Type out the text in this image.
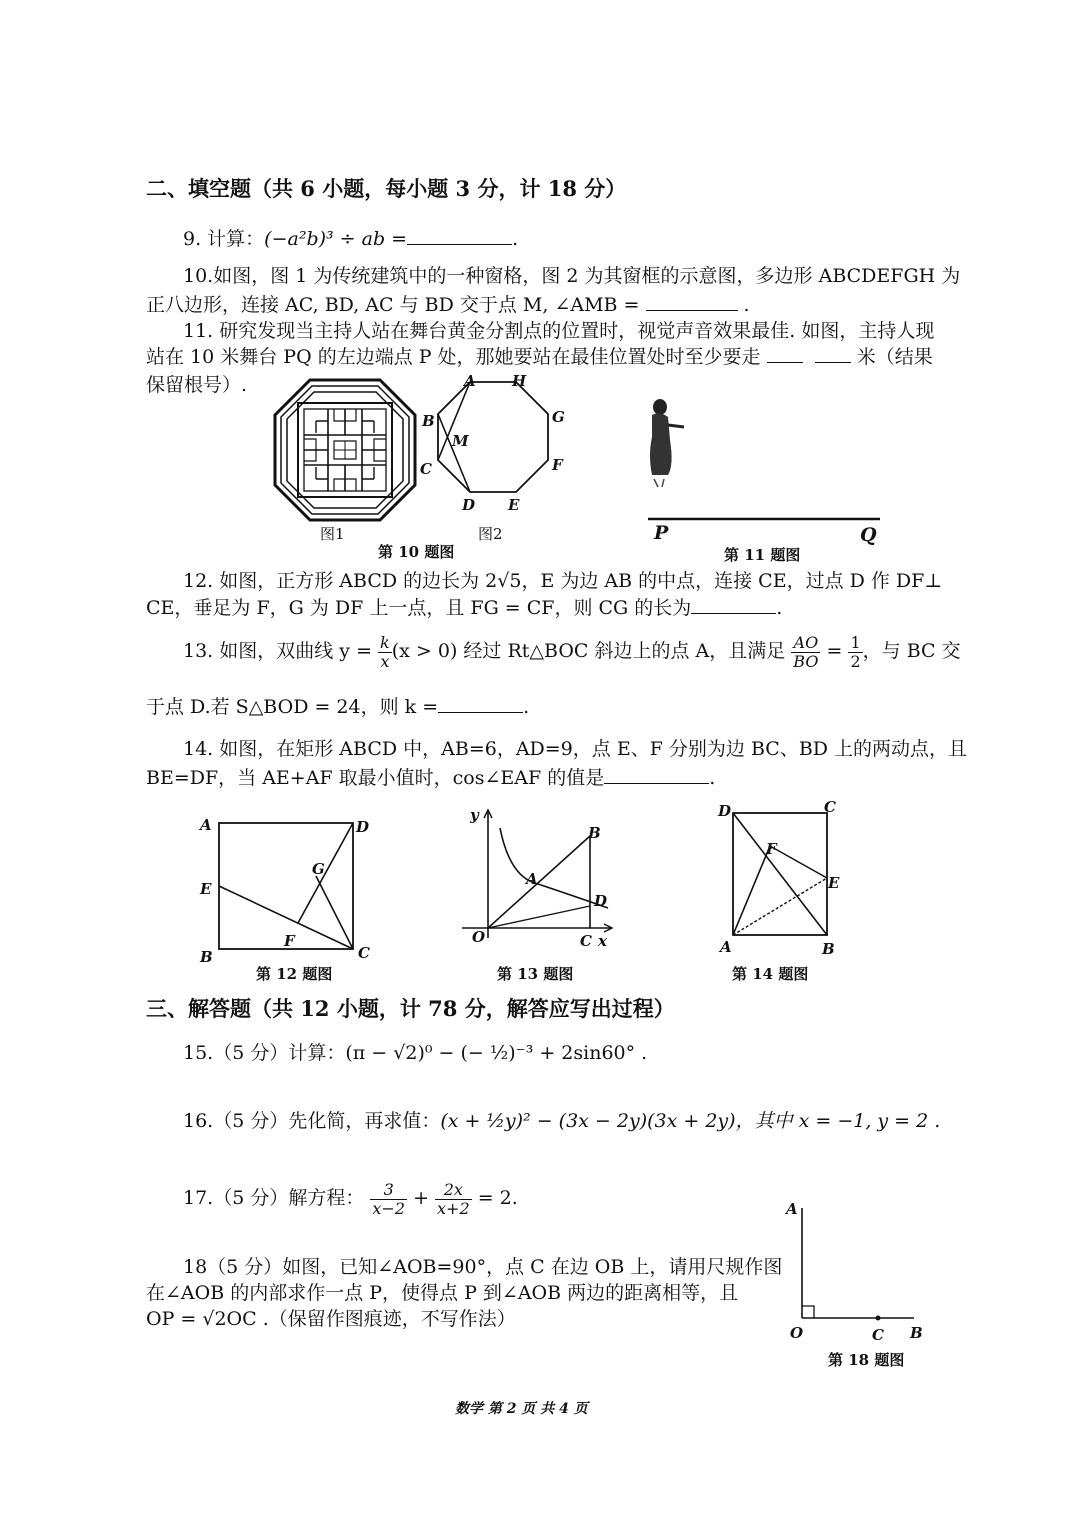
二、填空题（共 6 小题，每小题 3 分，计 18 分）
9. 计算：(−a²b)³ ÷ ab =	.
10.如图，图 1 为传统建筑中的一种窗格，图 2 为其窗框的示意图，多边形 ABCDEFGH 为
正八边形，连接 AC, BD, AC 与 BD 交于点 M, ∠AMB =	.
11. 研究发现当主持人站在舞台黄金分割点的位置时，视觉声音效果最佳. 如图，主持人现
站在 10 米舞台 PQ 的左边端点 P 处，那她要站在最佳位置处时至少要走	米（结果
保留根号）.	A H
B	G
M
C	F
D E
图1	图2
第 10 题图
P	Q
第 11 题图
12. 如图，正方形 ABCD 的边长为 2√5，E 为边 AB 的中点，连接 CE，过点 D 作 DF⊥
CE，垂足为 F，G 为 DF 上一点，且 FG = CF，则 CG 的长为	.
13. 如图，双曲线 $y = \frac{k}{x} (x > 0)$ 经过 Rt△BOC 斜边上的点 A，且满足 $\frac{AO}{BO} = \frac{1}{2}$ ，与 BC 交
于点 D.若 S△BOD = 24，则 k =	.
14. 如图，在矩形 ABCD 中，AB=6，AD=9，点 E、F 分别为边 BC、BD 上的两动点，且
BE=DF，当 AE+AF 取最小值时，cos∠EAF 的值是	.
A	D
E
G
F
B	C
第 12 题图
y
B
A
D
O	C x
第 13 题图
D	C
F
E
A	B
第 14 题图
三、解答题（共 12 小题，计 78 分，解答应写出过程）
15.（5 分）计算：(π − √2)⁰ − (− ½)⁻³ + 2sin60° .
16.（5 分）先化简，再求值：(x + ½y)² − (3x − 2y)(3x + 2y)，其中 x = −1, y = 2 .
17.（5 分）解方程： $\frac{3}{x-2} + \frac{2x}{x+2} = 2$.
18（5 分）如图，已知∠AOB=90°，点 C 在边 OB 上，请用尺规作图
在∠AOB 的内部求作一点 P，使得点 P 到∠AOB 两边的距离相等，且
OP = √2OC .（保留作图痕迹，不写作法）
A
O	C B
第 18 题图
数学 第 2 页 共 4 页
